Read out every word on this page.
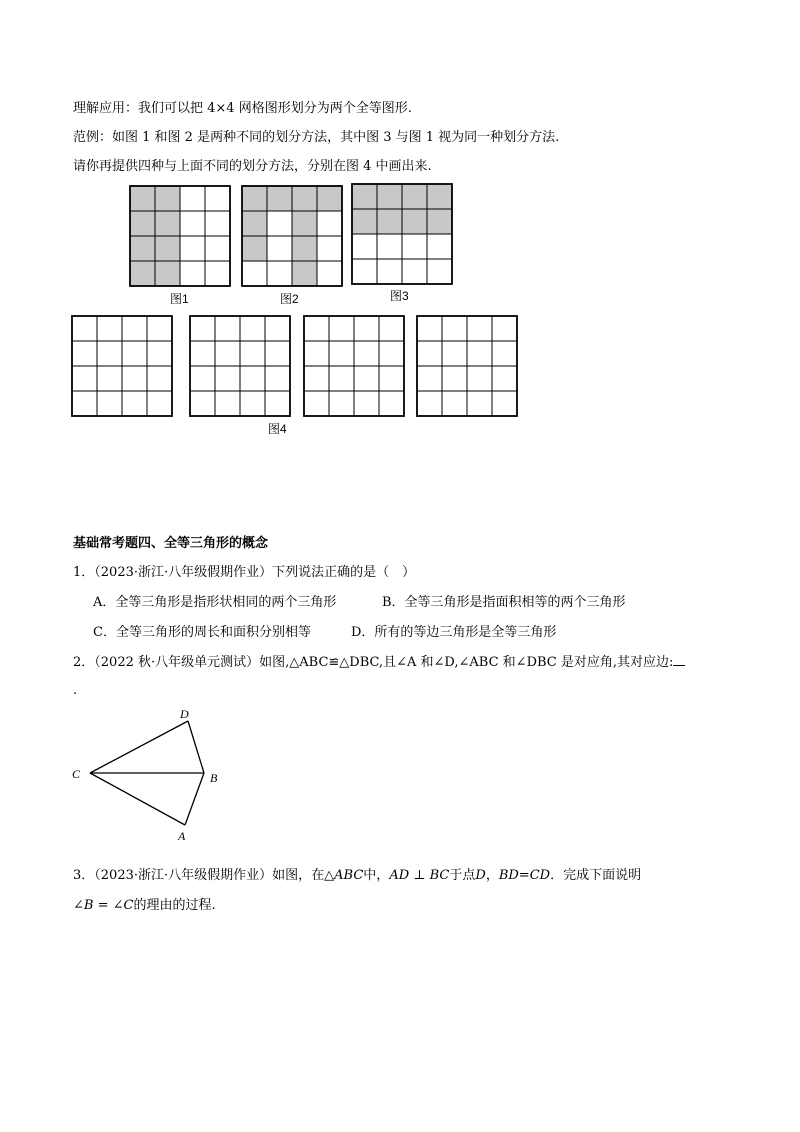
理解应用：我们可以把 4×4 网格图形划分为两个全等图形.
范例：如图 1 和图 2 是两种不同的划分方法，其中图 3 与图 1 视为同一种划分方法.
请你再提供四种与上面不同的划分方法，分别在图 4 中画出来.
图1	图2	图3
图4
基础常考题四、全等三角形的概念
1．（2023·浙江·八年级假期作业）下列说法正确的是（　）
A．全等三角形是指形状相同的两个三角形	B．全等三角形是指面积相等的两个三角形
C．全等三角形的周长和面积分别相等	D．所有的等边三角形是全等三角形
2．（2022 秋·八年级单元测试）如图,△ABC≌△DBC,且∠A 和∠D,∠ABC 和∠DBC 是对应角,其对应边:
.
C	B
D
A
3．（2023·浙江·八年级假期作业）如图，在△ABC中，AD ⊥ BC于点D，BD=CD．完成下面说明
∠B = ∠C的理由的过程.
